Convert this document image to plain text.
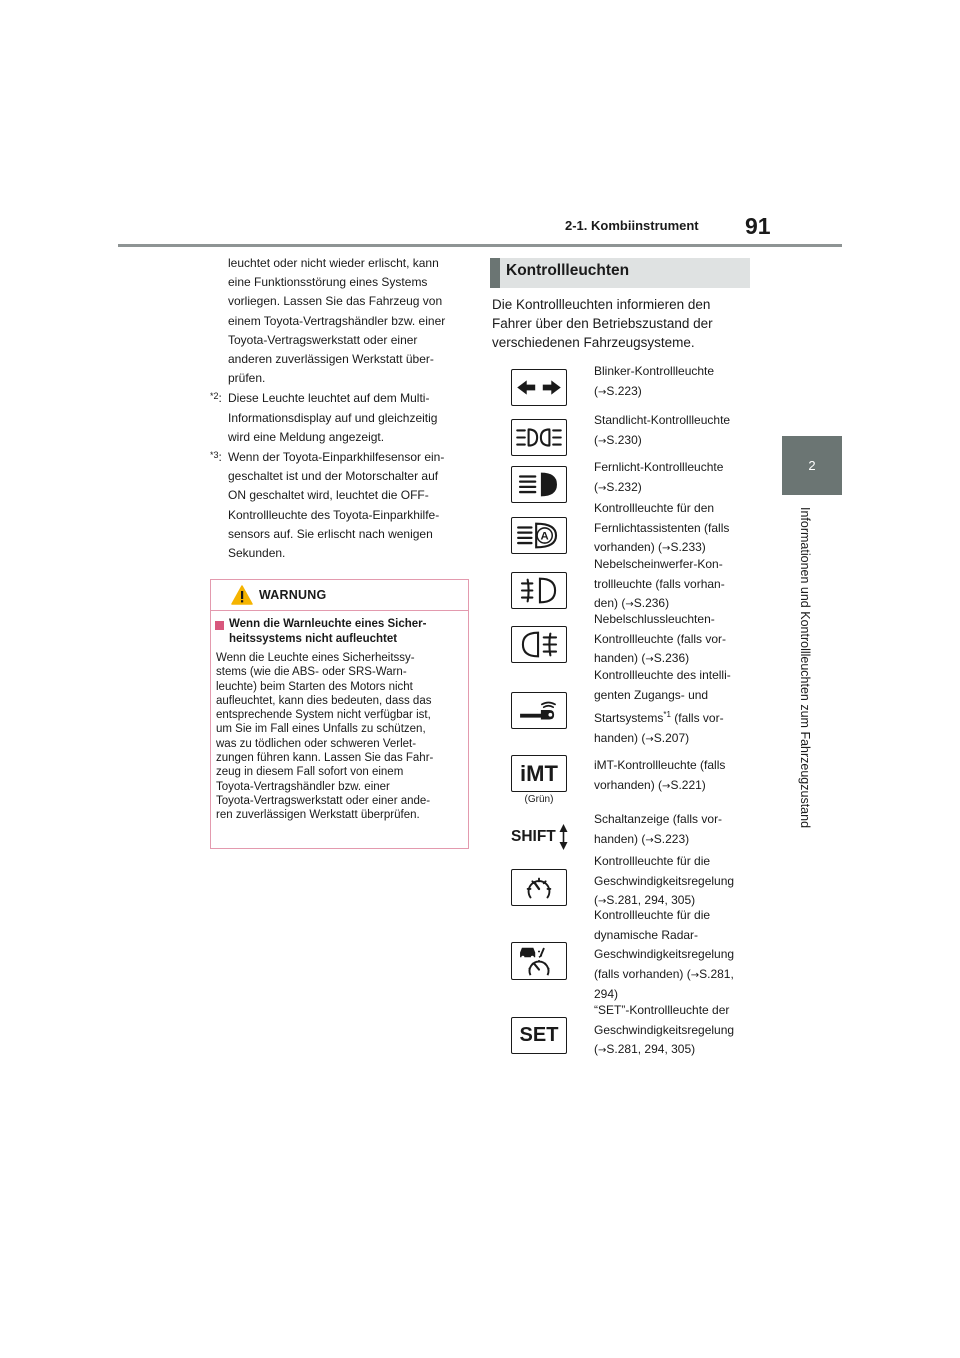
2-1. Kombiinstrument 91
2
Informationen und Kontrollleuchten zum Fahrzeugzustand
leuchtet oder nicht wieder erlischt, kann
eine Funktionsstörung eines Systems
vorliegen. Lassen Sie das Fahrzeug von
einem Toyota-Vertragshändler bzw. einer
Toyota-Vertragswerkstatt oder einer
anderen zuverlässigen Werkstatt über-
prüfen.
*2 : Diese Leuchte leuchtet auf dem Multi-
Informationsdisplay auf und gleichzeitig
wird eine Meldung angezeigt.
*3 : Wenn der Toyota-Einparkhilfesensor ein-
geschaltet ist und der Motorschalter auf
ON geschaltet wird, leuchtet die OFF-
Kontrollleuchte des Toyota-Einparkhilfe-
sensors auf. Sie erlischt nach wenigen
Sekunden.
WARNUNG
Wenn die Warnleuchte eines Sicher-
heitssystems nicht aufleuchtet
Wenn die Leuchte eines Sicherheitssy-
stems (wie die ABS- oder SRS-Warn-
leuchte) beim Starten des Motors nicht
aufleuchtet, kann dies bedeuten, dass das
entsprechende System nicht verfügbar ist,
um Sie im Fall eines Unfalls zu schützen,
was zu tödlichen oder schweren Verlet-
zungen führen kann. Lassen Sie das Fahr-
zeug in diesem Fall sofort von einem
Toyota-Vertragshändler bzw. einer
Toyota-Vertragswerkstatt oder einer ande-
ren zuverlässigen Werkstatt überprüfen.
Kontrollleuchten
Die Kontrollleuchten informieren den
Fahrer über den Betriebszustand der
verschiedenen Fahrzeugsysteme.
Blinker-Kontrollleuchte
(→S.223)
Standlicht-Kontrollleuchte
(→S.230)
Fernlicht-Kontrollleuchte
(→S.232)
A
Kontrollleuchte für den
Fernlichtassistenten (falls
vorhanden) (→S.233)
Nebelscheinwerfer-Kon-
trollleuchte (falls vorhan-
den) (→S.236)
Nebelschlussleuchten-
Kontrollleuchte (falls vor-
handen) (→S.236)
Kontrollleuchte des intelli-
genten Zugangs- und
Startsystems$^{*1}$ (falls vor-
handen) (→S.207)
iMT
(Grün)
iMT-Kontrollleuchte (falls
vorhanden) (→S.221)
SHIFT
Schaltanzeige (falls vor-
handen) (→S.223)
Kontrollleuchte für die
Geschwindigkeitsregelung
(→S.281, 294, 305)
Kontrollleuchte für die
dynamische Radar-
Geschwindigkeitsregelung
(falls vorhanden) (→S.281,
294)
SET
“SET”-Kontrollleuchte der
Geschwindigkeitsregelung
(→S.281, 294, 305)
